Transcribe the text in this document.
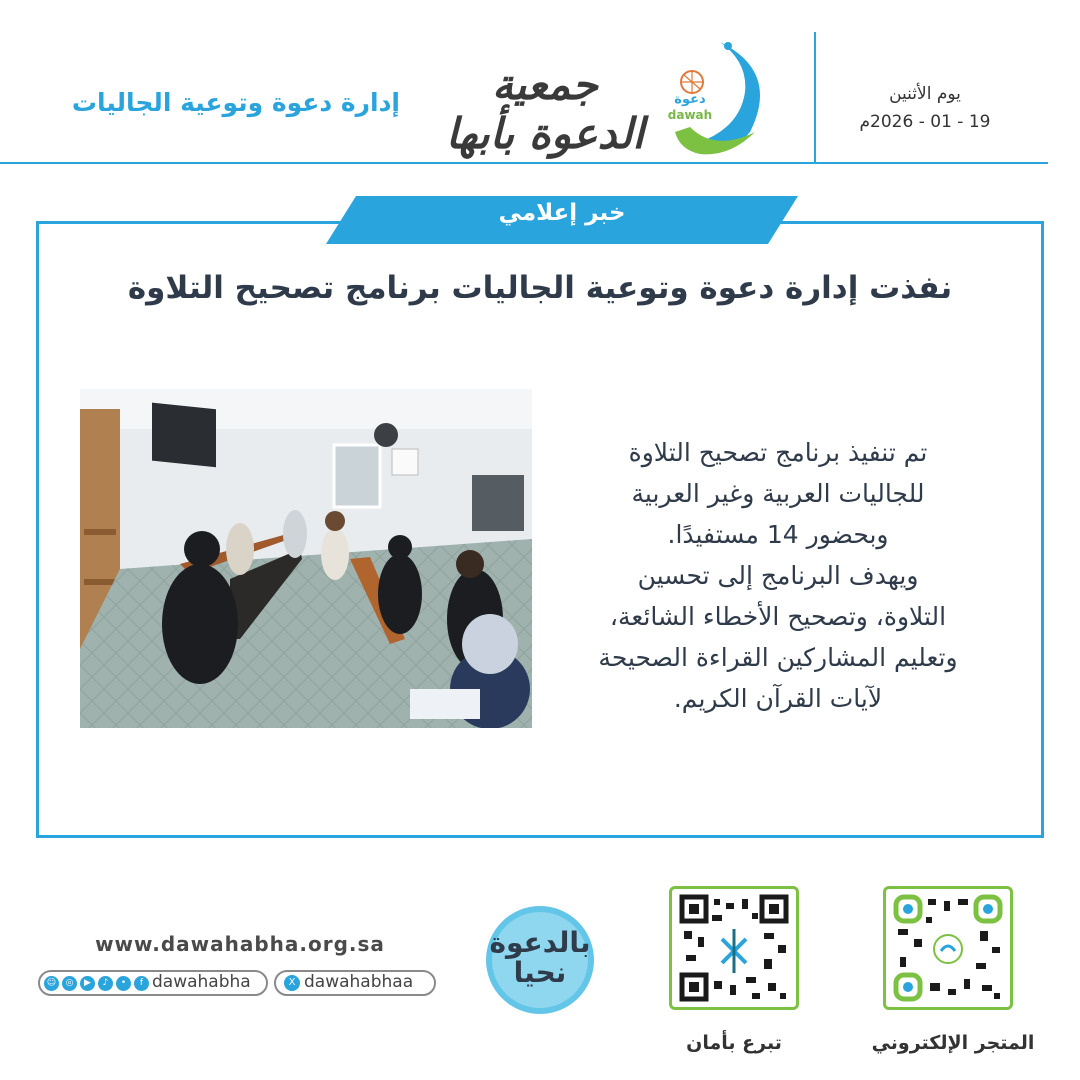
يوم الأثنين
19 - 01 - 2026م
جمعية الدعوة بأبها
دعوة
dawah
إدارة دعوة وتوعية الجاليات
خبر إعلامي
نفذت إدارة دعوة وتوعية الجاليات برنامج تصحيح التلاوة

تم تنفيذ برنامج تصحيح التلاوة
للجاليات العربية وغير العربية
وبحضور 14 مستفيدًا.
ويهدف البرنامج إلى تحسين
التلاوة، وتصحيح الأخطاء الشائعة،
وتعليم المشاركين القراءة الصحيحة
لآيات القرآن الكريم.

www.dawahabha.org.sa
☺	◎	▶	♪	•	f dawahabha	X dawahabhaa
بالدعوة
نحيا
تبرع بأمان	المتجر الإلكتروني
